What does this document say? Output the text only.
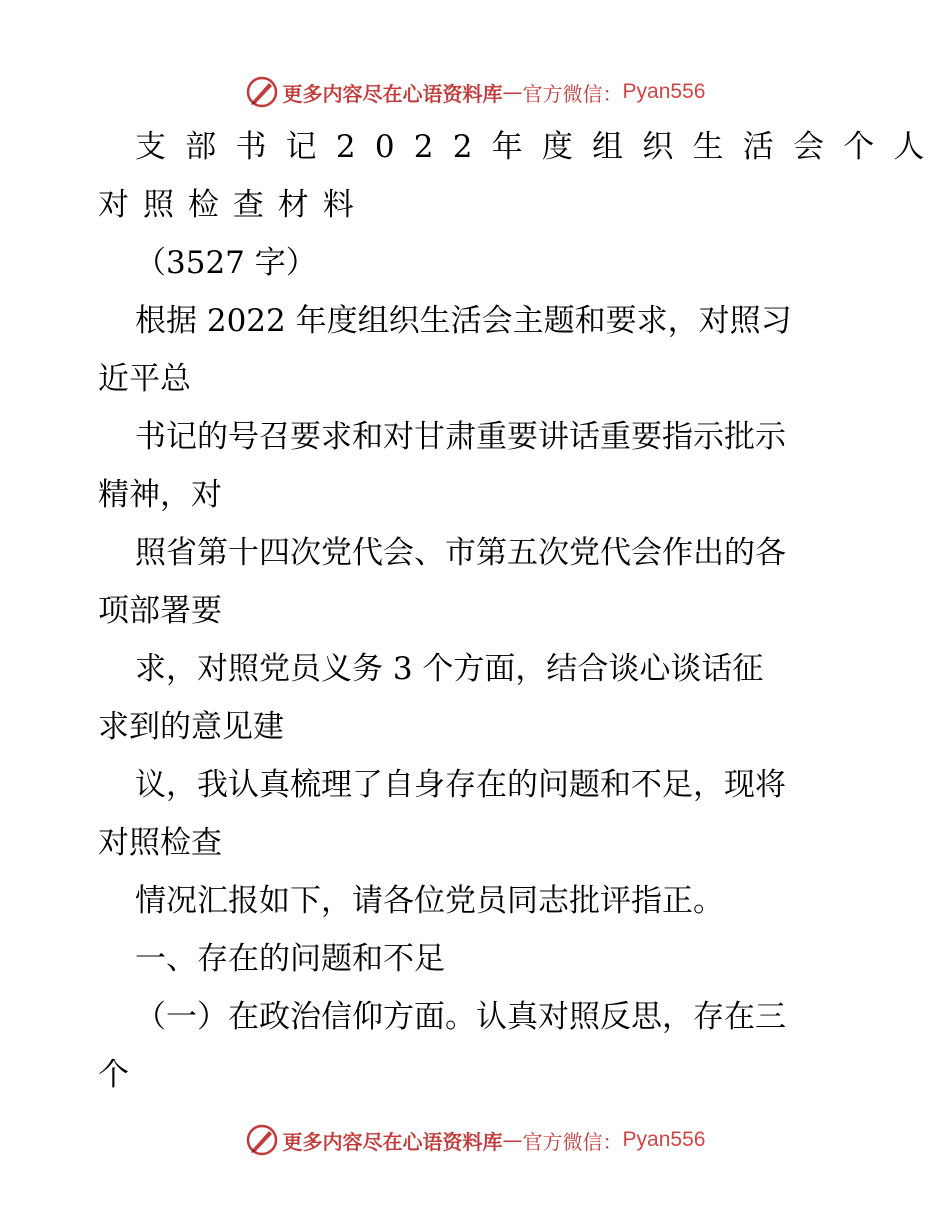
更多内容尽在心语资料库 — 官方微信： Pyan556
支部书记2022年度组织生活会个人
对照检查材料
（3527 字）
根据 2022 年度组织生活会主题和要求，对照习
近平总
书记的号召要求和对甘肃重要讲话重要指示批示
精神，对
照省第十四次党代会、市第五次党代会作出的各
项部署要
求，对照党员义务 3 个方面，结合谈心谈话征
求到的意见建
议，我认真梳理了自身存在的问题和不足，现将
对照检查
情况汇报如下，请各位党员同志批评指正。
一、存在的问题和不足
（一）在政治信仰方面。认真对照反思，存在三
个
更多内容尽在心语资料库 — 官方微信： Pyan556
